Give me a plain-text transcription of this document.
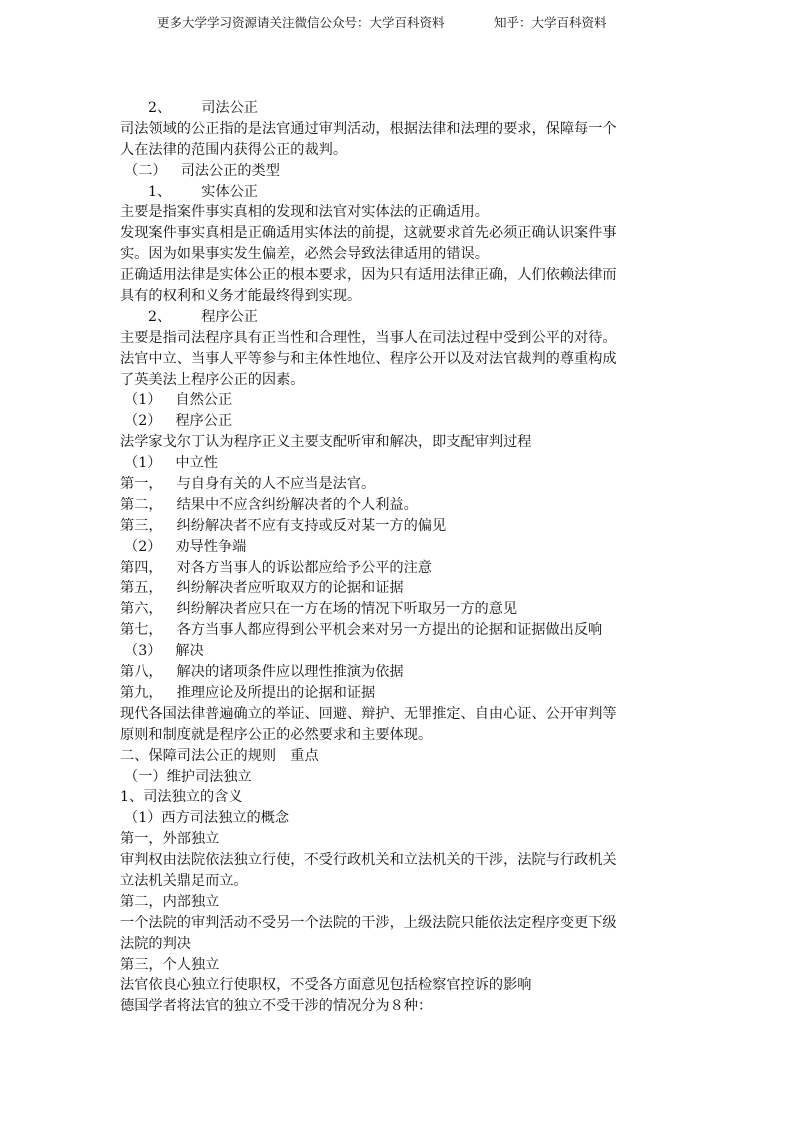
更多大学学习资源请关注微信公众号：大学百科资料	知乎：大学百科资料
2、 司法公正
司法领域的公正指的是法官通过审判活动，根据法律和法理的要求，保障每一个
人在法律的范围内获得公正的裁判。
（二） 司法公正的类型
1、 实体公正
主要是指案件事实真相的发现和法官对实体法的正确适用。
发现案件事实真相是正确适用实体法的前提，这就要求首先必须正确认识案件事
实。因为如果事实发生偏差，必然会导致法律适用的错误。
正确适用法律是实体公正的根本要求，因为只有适用法律正确，人们依赖法律而
具有的权利和义务才能最终得到实现。
2、 程序公正
主要是指司法程序具有正当性和合理性，当事人在司法过程中受到公平的对待。
法官中立、当事人平等参与和主体性地位、程序公开以及对法官裁判的尊重构成
了英美法上程序公正的因素。
（1） 自然公正
（2） 程序公正
法学家戈尔丁认为程序正义主要支配听审和解决，即支配审判过程
（1） 中立性
第一， 与自身有关的人不应当是法官。
第二， 结果中不应含纠纷解决者的个人利益。
第三， 纠纷解决者不应有支持或反对某一方的偏见
（2） 劝导性争端
第四， 对各方当事人的诉讼都应给予公平的注意
第五， 纠纷解决者应听取双方的论据和证据
第六， 纠纷解决者应只在一方在场的情况下听取另一方的意见
第七， 各方当事人都应得到公平机会来对另一方提出的论据和证据做出反响
（3） 解决
第八， 解决的诸项条件应以理性推演为依据
第九， 推理应论及所提出的论据和证据
现代各国法律普遍确立的举证、回避、辩护、无罪推定、自由心证、公开审判等
原则和制度就是程序公正的必然要求和主要体现。
二、保障司法公正的规则　重点
（一）维护司法独立
1、司法独立的含义
（1）西方司法独立的概念
第一，外部独立
审判权由法院依法独立行使，不受行政机关和立法机关的干涉，法院与行政机关
立法机关鼎足而立。
第二，内部独立
一个法院的审判活动不受另一个法院的干涉，上级法院只能依法定程序变更下级
法院的判决
第三，个人独立
法官依良心独立行使职权，不受各方面意见包括检察官控诉的影响
德国学者将法官的独立不受干涉的情况分为８种：
